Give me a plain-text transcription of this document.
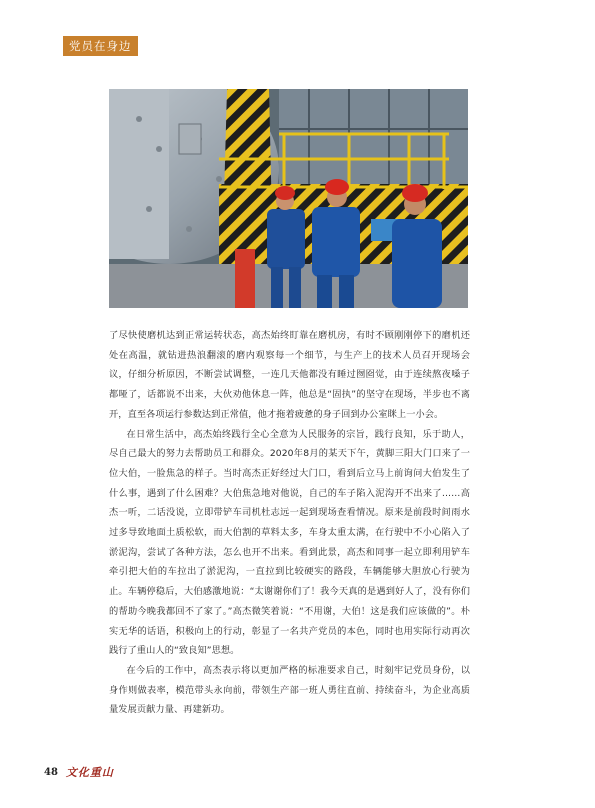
党员在身边

了尽快使磨机达到正常运转状态，高杰始终盯靠在磨机房，有时不顾刚刚停下的磨机还处在高温，就钻进热浪翻滚的磨内观察每一个细节，与生产上的技术人员召开现场会议，仔细分析原因，不断尝试调整，一连几天他都没有睡过囫囵觉，由于连续熬夜嗓子都哑了，话都说不出来，大伙劝他休息一阵，他总是“固执”的坚守在现场，半步也不离开，直至各项运行参数达到正常值，他才拖着疲惫的身子回到办公室眯上一小会。

在日常生活中，高杰始终践行全心全意为人民服务的宗旨，践行良知，乐于助人，尽自己最大的努力去帮助员工和群众。2020年8月的某天下午，黄脚三阳大门口来了一位大伯，一脸焦急的样子。当时高杰正好经过大门口，看到后立马上前询问大伯发生了什么事，遇到了什么困难？大伯焦急地对他说，自己的车子陷入泥沟开不出来了……高杰一听，二话没说，立即带铲车司机杜志远一起到现场查看情况。原来是前段时间雨水过多导致地面土质松软，而大伯割的草料太多，车身太重太满，在行驶中不小心陷入了淤泥沟，尝试了各种方法，怎么也开不出来。看到此景，高杰和同事一起立即利用铲车牵引把大伯的车拉出了淤泥沟，一直拉到比较硬实的路段，车辆能够大胆放心行驶为止。车辆停稳后，大伯感激地说：“太谢谢你们了！我今天真的是遇到好人了，没有你们的帮助今晚我都回不了家了。”高杰微笑着说：“不用谢，大伯！这是我们应该做的”。朴实无华的话语，积极向上的行动，彰显了一名共产党员的本色，同时也用实际行动再次践行了重山人的“致良知”思想。

在今后的工作中，高杰表示将以更加严格的标准要求自己，时刻牢记党员身份，以身作则做表率，模范带头永向前，带领生产部一班人勇往直前、持续奋斗，为企业高质量发展贡献力量、再建新功。

48 文化重山
